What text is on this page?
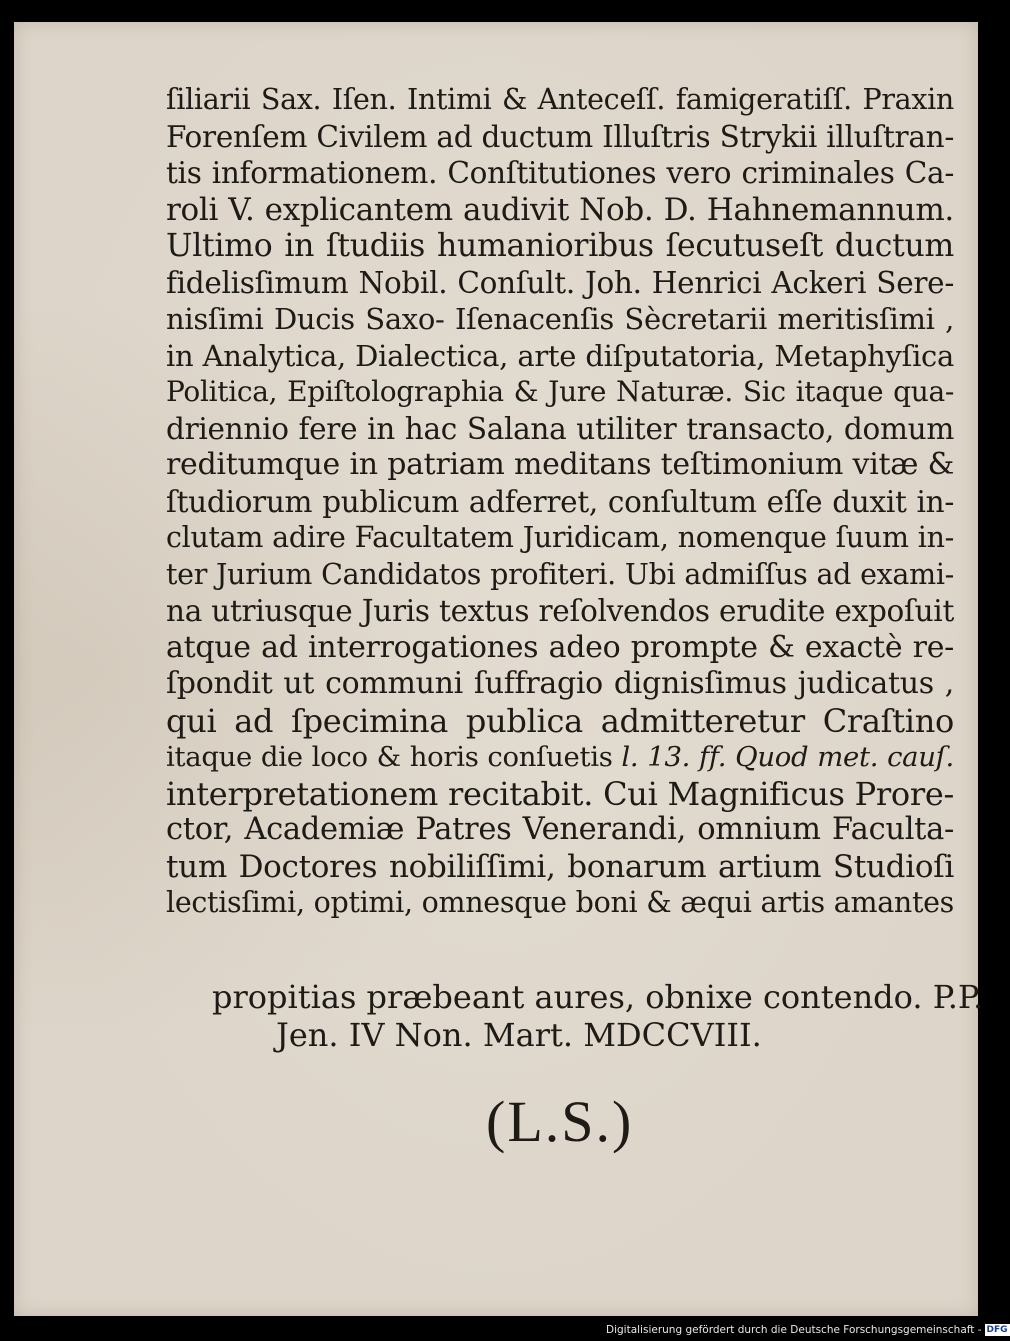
ſiliarii Sax. Iſen. Intimi & Anteceſſ. famigeratiſſ. Praxin
Forenſem Civilem ad ductum Illuſtris Strykii illuſtran-
tis informationem. Conſtitutiones vero criminales Ca-
roli V. explicantem audivit Nob. D. Hahnemannum.
Ultimo in ſtudiis humanioribus ſecutuseſt ductum
fidelisſimum Nobil. Conſult. Joh. Henrici Ackeri Sere-
nisſimi Ducis Saxo- Iſenacenſis Sècretarii meritisſimi ,
in Analytica, Dialectica, arte diſputatoria, Metaphyſica
Politica, Epiſtolographia & Jure Naturæ. Sic itaque qua-
driennio fere in hac Salana utiliter transacto, domum
reditumque in patriam meditans teſtimonium vitæ &
ſtudiorum publicum adferret, conſultum eſſe duxit in-
clutam adire Facultatem Juridicam, nomenque ſuum in-
ter Jurium Candidatos profiteri. Ubi admiſſus ad exami-
na utriusque Juris textus reſolvendos erudite expoſuit
atque ad interrogationes adeo prompte & exactè re-
ſpondit ut communi ſuffragio dignisſimus judicatus ,
qui ad ſpecimina publica admitteretur Craſtino
itaque die loco & horis conſuetis l. 13. ff. Quod met. cauſ.
interpretationem recitabit. Cui Magnificus Prore-
ctor, Academiæ Patres Venerandi, omnium Faculta-
tum Doctores nobiliſſimi, bonarum artium Studioſi
lectisſimi, optimi, omnesque boni & æqui artis amantes
propitias præbeant aures, obnixe contendo. P.P.
Jen. IV Non. Mart. MDCCVIII.
(L.S.)
Digitalisierung gefördert durch die Deutsche Forschungsgemeinschaft - DFG
